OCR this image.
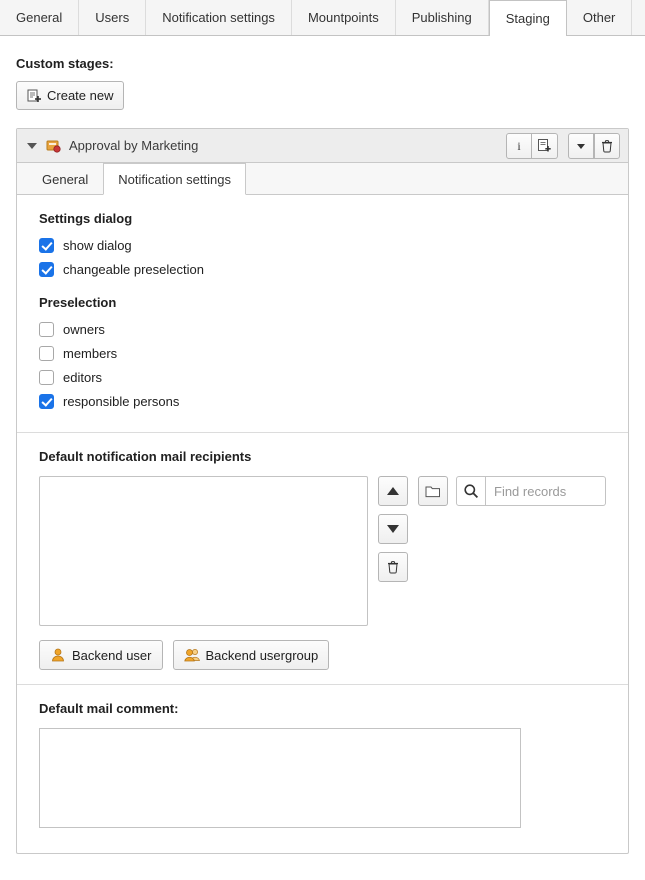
General	Users	Notification settings	Mountpoints	Publishing	Staging	Other
Custom stages:
Create new
Approval by Marketing	i
General	Notification settings
Settings dialog
show dialog
changeable preselection
Preselection
owners
members
editors
responsible persons
Default notification mail recipients
Find records
Backend user	Backend usergroup
Default mail comment:
